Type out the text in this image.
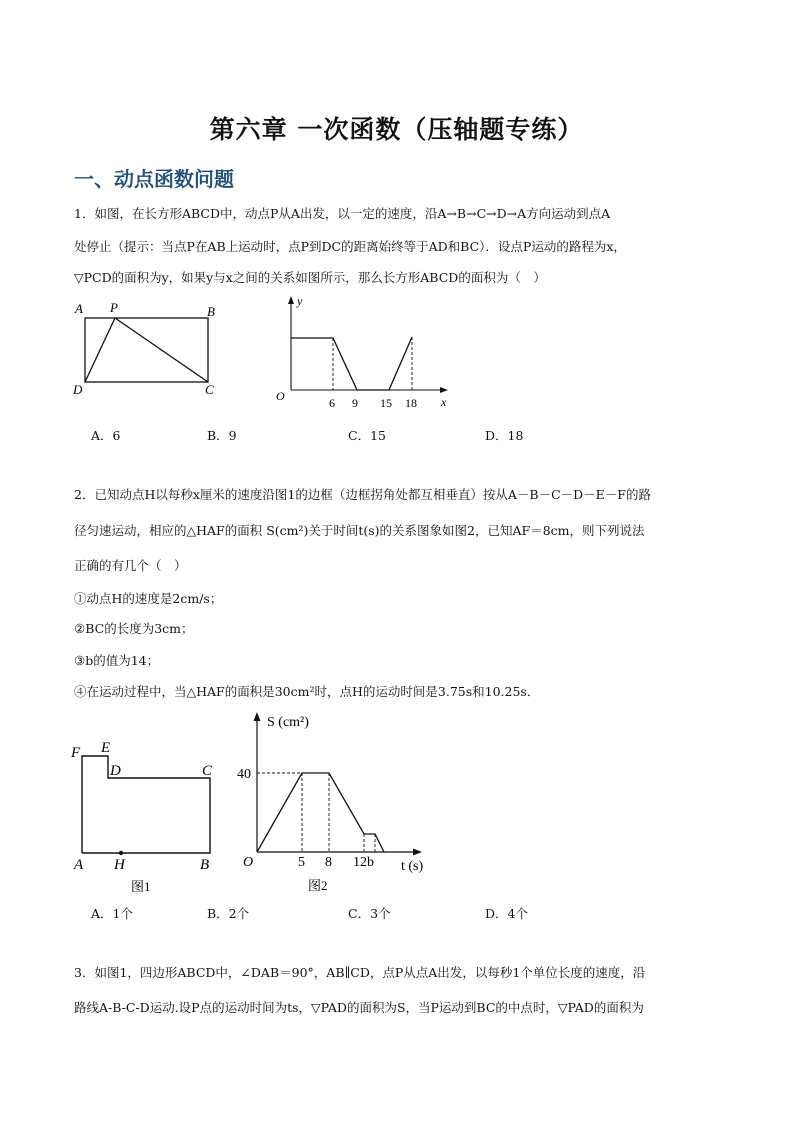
第六章 一次函数（压轴题专练）
一、动点函数问题
1．如图，在长方形ABCD中，动点P从A出发，以一定的速度，沿A→B→C→D→A方向运动到点A
处停止（提示：当点P在AB上运动时，点P到DC的距离始终等于AD和BC）．设点P运动的路程为x，
▽PCD的面积为y，如果y与x之间的关系如图所示，那么长方形ABCD的面积为（　）
A P	B
D	C
y
x
O	6 9 15 18
A．6	B．9	C．15	D．18
2．已知动点H以每秒x厘米的速度沿图1的边框（边框拐角处都互相垂直）按从A－B－C－D－E－F的路
径匀速运动，相应的△HAF的面积 S(cm²)关于时间t(s)的关系图象如图2，已知AF＝8cm，则下列说法
正确的有几个（　）
①动点H的速度是2cm/s；
②BC的长度为3cm；
③b的值为14；
④在运动过程中，当△HAF的面积是30cm²时，点H的运动时间是3.75s和10.25s．
F E
D	C
A H	B
图1
S (cm²)
40
O	5 8 12b t (s)
图2
A．1个	B．2个	C．3个	D．4个
3．如图1，四边形ABCD中，∠DAB＝90°，AB∥CD，点P从点A出发，以每秒1个单位长度的速度，沿
路线A-B-C-D运动.设P点的运动时间为ts，▽PAD的面积为S，当P运动到BC的中点时，▽PAD的面积为
